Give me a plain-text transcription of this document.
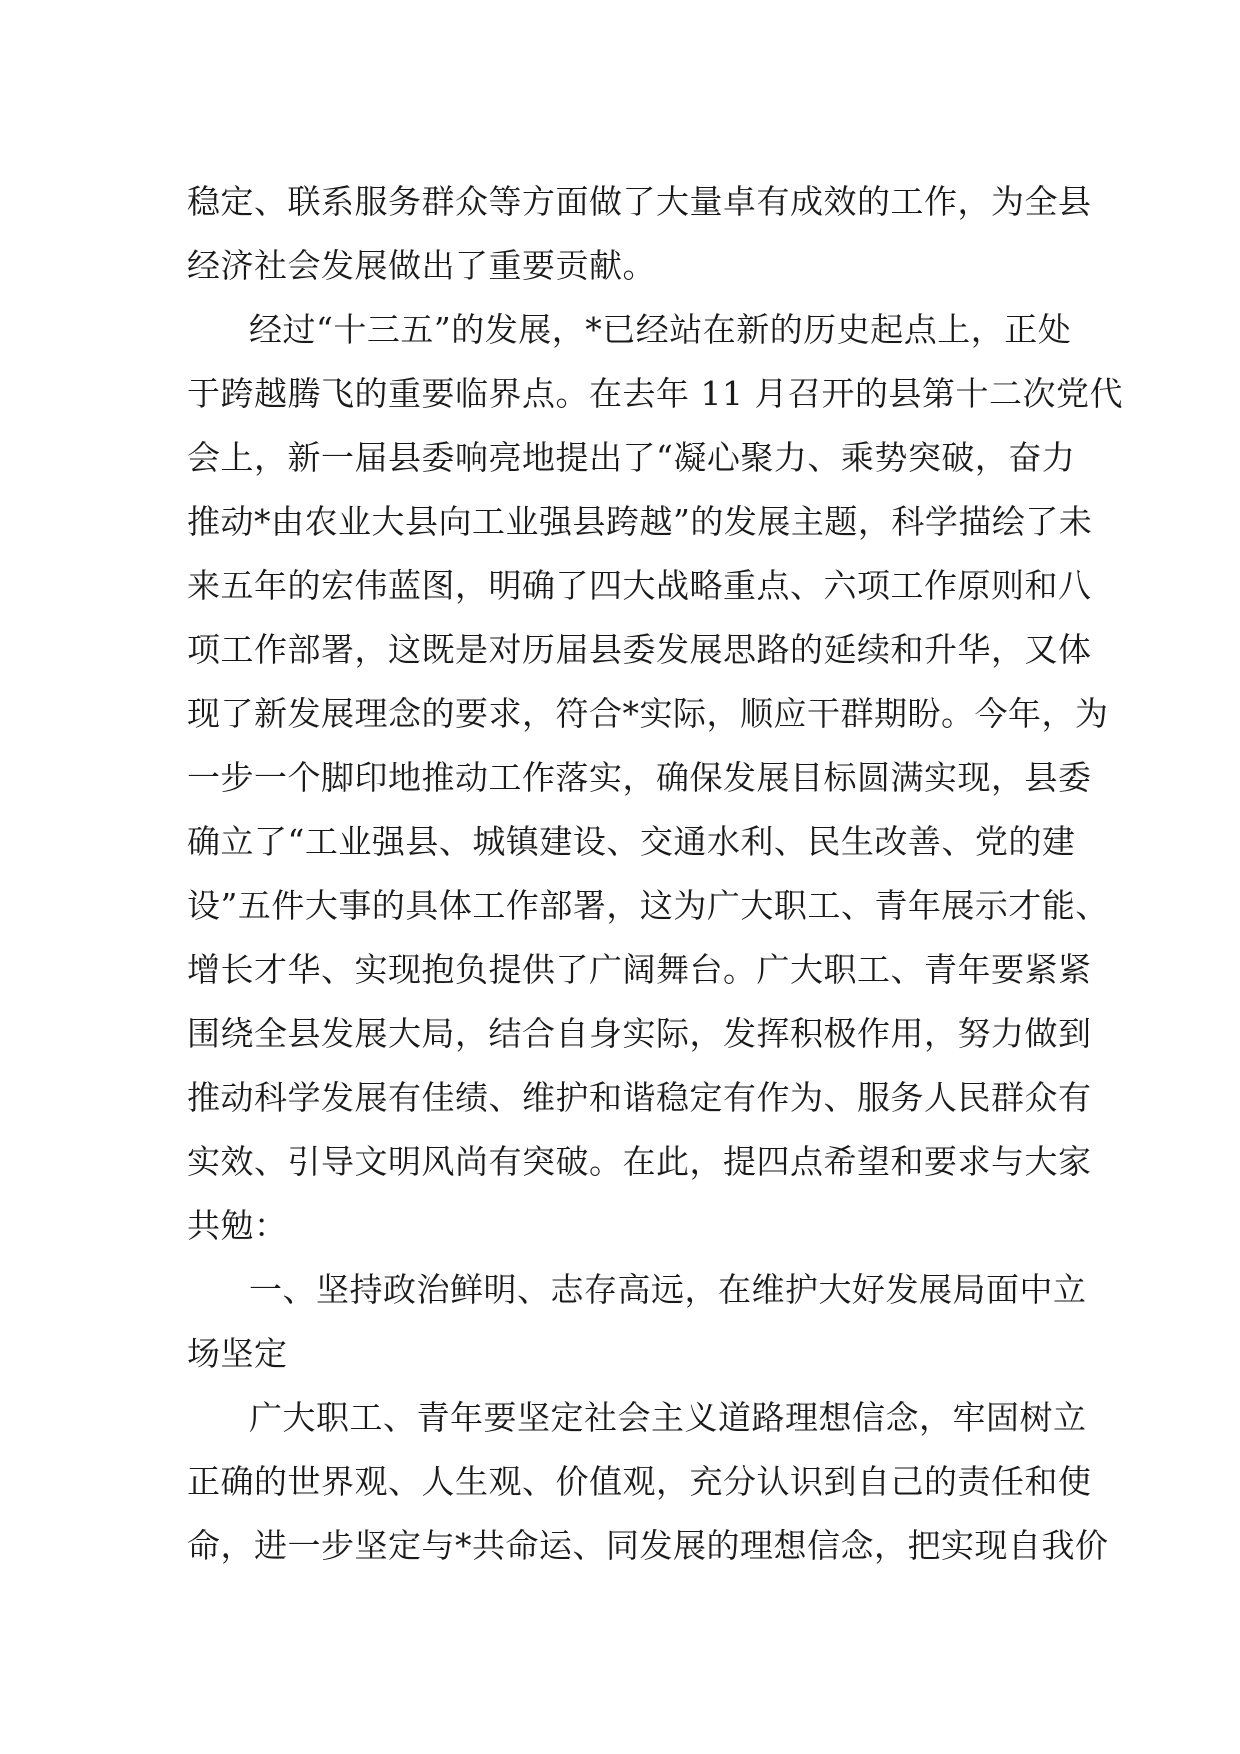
稳定、联系服务群众等方面做了大量卓有成效的工作，为全县
经济社会发展做出了重要贡献。
经过“十三五”的发展，*已经站在新的历史起点上，正处
于跨越腾飞的重要临界点。在去年 11 月召开的县第十二次党代
会上，新一届县委响亮地提出了“凝心聚力、乘势突破，奋力
推动*由农业大县向工业强县跨越”的发展主题，科学描绘了未
来五年的宏伟蓝图，明确了四大战略重点、六项工作原则和八
项工作部署，这既是对历届县委发展思路的延续和升华，又体
现了新发展理念的要求，符合*实际，顺应干群期盼。今年，为
一步一个脚印地推动工作落实，确保发展目标圆满实现，县委
确立了“工业强县、城镇建设、交通水利、民生改善、党的建
设”五件大事的具体工作部署，这为广大职工、青年展示才能、
增长才华、实现抱负提供了广阔舞台。广大职工、青年要紧紧
围绕全县发展大局，结合自身实际，发挥积极作用，努力做到
推动科学发展有佳绩、维护和谐稳定有作为、服务人民群众有
实效、引导文明风尚有突破。在此，提四点希望和要求与大家
共勉：
一、坚持政治鲜明、志存高远，在维护大好发展局面中立
场坚定
广大职工、青年要坚定社会主义道路理想信念，牢固树立
正确的世界观、人生观、价值观，充分认识到自己的责任和使
命，进一步坚定与*共命运、同发展的理想信念，把实现自我价
